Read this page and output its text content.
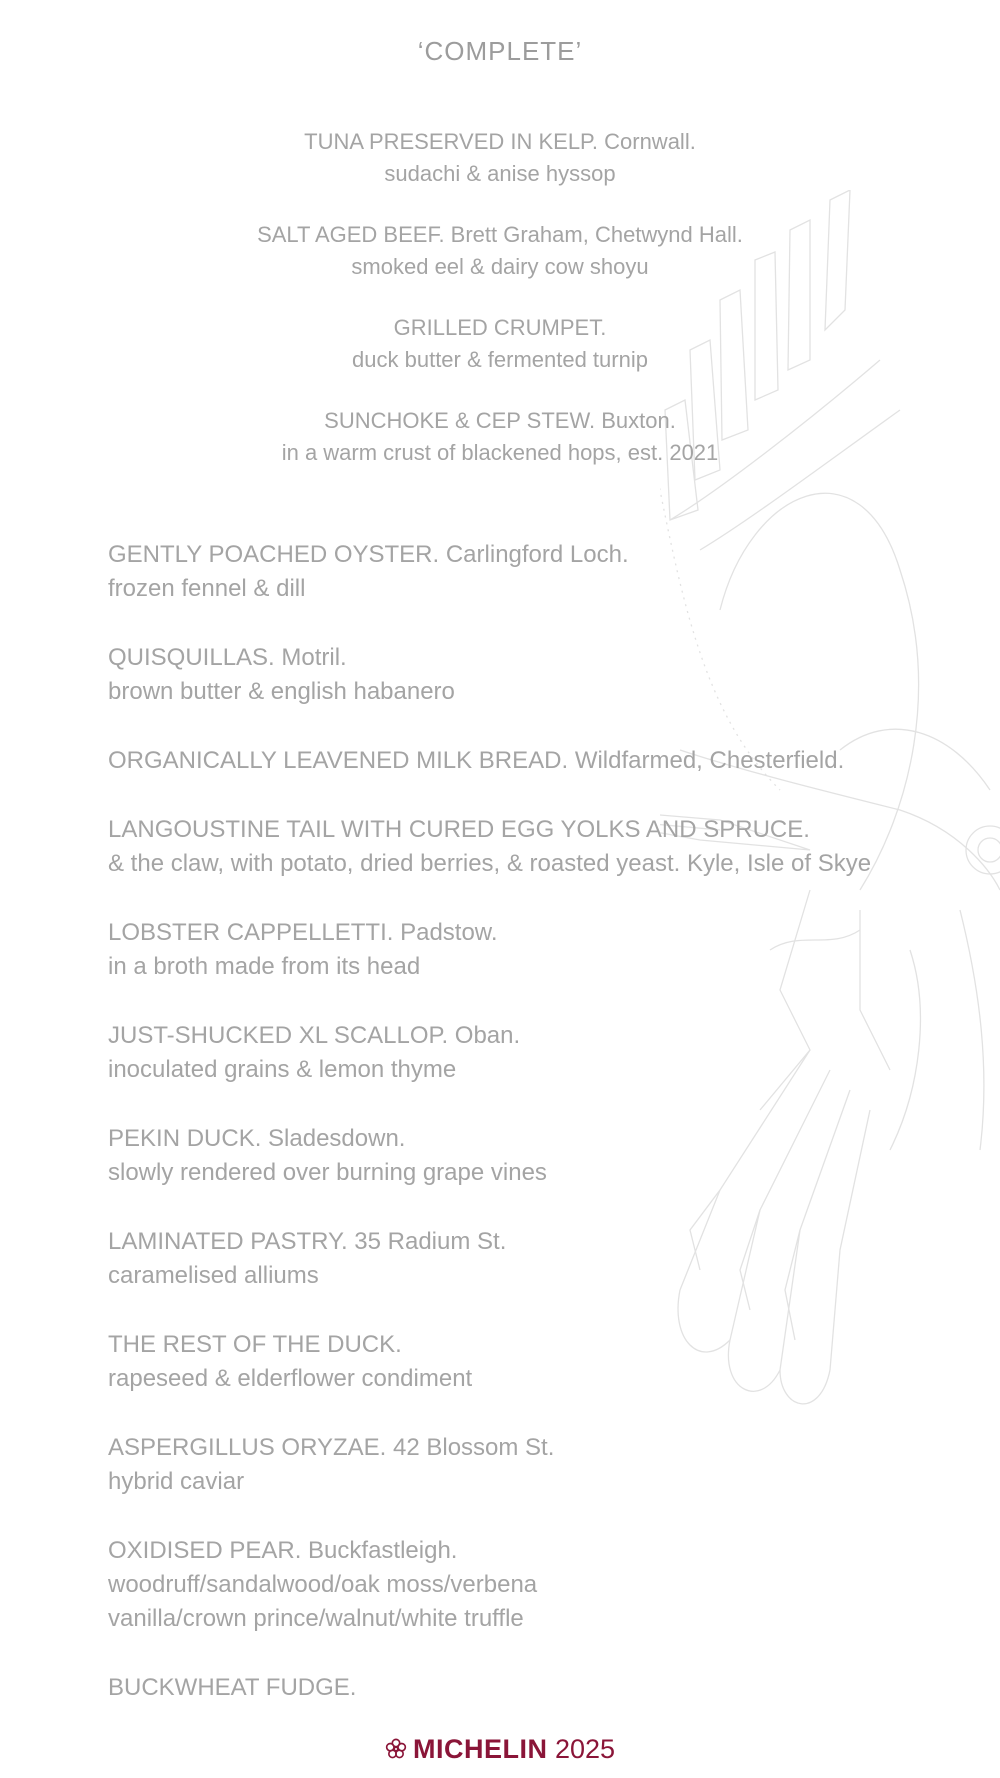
‘COMPLETE’
TUNA PRESERVED IN KELP. Cornwall.
sudachi & anise hyssop
SALT AGED BEEF. Brett Graham, Chetwynd Hall.
smoked eel & dairy cow shoyu
GRILLED CRUMPET.
duck butter & fermented turnip
SUNCHOKE & CEP STEW. Buxton.
in a warm crust of blackened hops, est. 2021
GENTLY POACHED OYSTER. Carlingford Loch.
frozen fennel & dill
QUISQUILLAS. Motril.
brown butter & english habanero
ORGANICALLY LEAVENED MILK BREAD. Wildfarmed, Chesterfield.
LANGOUSTINE TAIL WITH CURED EGG YOLKS AND SPRUCE.
& the claw, with potato, dried berries, & roasted yeast. Kyle, Isle of Skye
LOBSTER CAPPELLETTI. Padstow.
in a broth made from its head
JUST-SHUCKED XL SCALLOP. Oban.
inoculated grains & lemon thyme
PEKIN DUCK. Sladesdown.
slowly rendered over burning grape vines
LAMINATED PASTRY. 35 Radium St.
caramelised alliums
THE REST OF THE DUCK.
rapeseed & elderflower condiment
ASPERGILLUS ORYZAE. 42 Blossom St.
hybrid caviar
OXIDISED PEAR. Buckfastleigh.
woodruff/sandalwood/oak moss/verbena
vanilla/crown prince/walnut/white truffle
BUCKWHEAT FUDGE.
MICHELIN 2025
